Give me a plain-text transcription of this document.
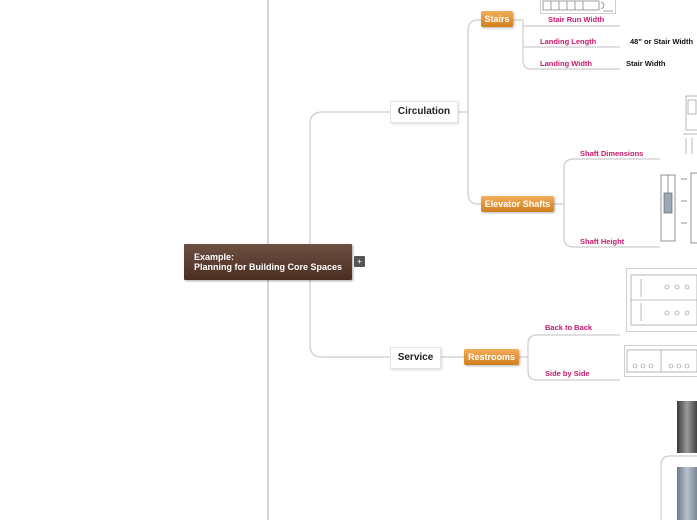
Example:
Planning for Building Core Spaces
+
Circulation
Stairs	Stair Run Width
Landing Length	48" or Stair Width
Landing Width	Stair Width
Elevator Shafts
Shaft Dimensions
Shaft Height
Service	Restrooms
Back to Back
Side by Side
